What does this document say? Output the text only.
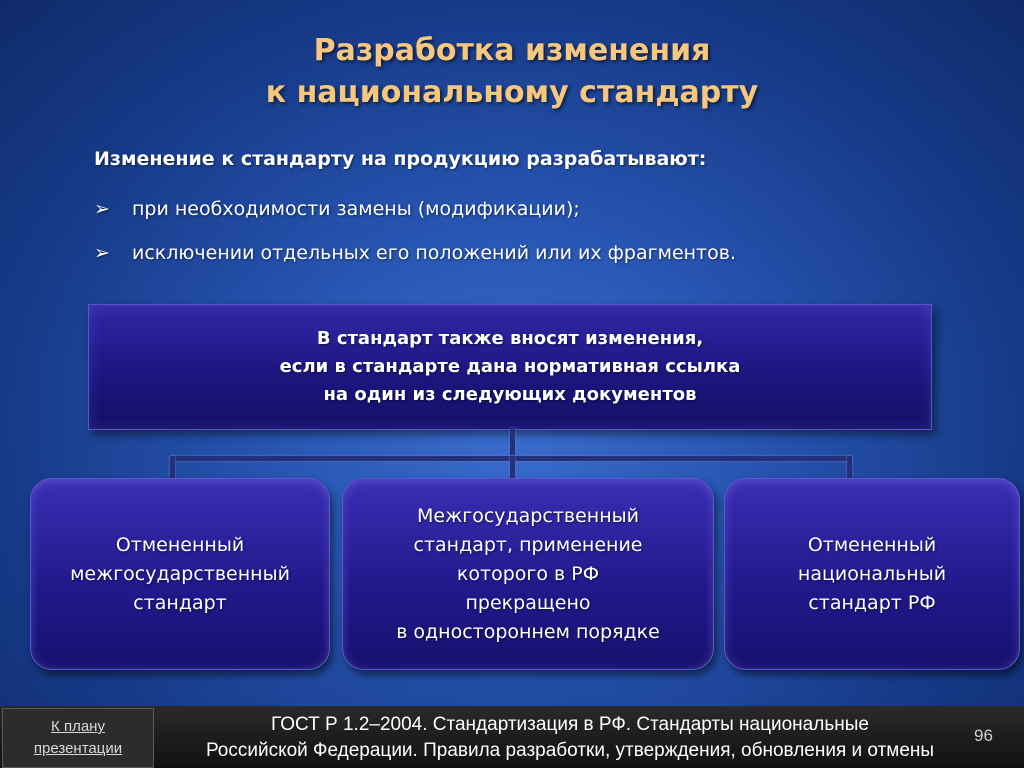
Разработка изменения
к национальному стандарту
Изменение к стандарту на продукцию разрабатывают:
➢ при необходимости замены (модификации);
➢ исключении отдельных его положений или их фрагментов.
В стандарт также вносят изменения,
если в стандарте дана нормативная ссылка
на один из следующих документов
Отмененный
межгосударственный
стандарт
Межгосударственный
стандарт, применение
которого в РФ
прекращено
в одностороннем порядке
Отмененный
национальный
стандарт РФ
К плану
презентации
ГОСТ Р 1.2–2004. Стандартизация в РФ. Стандарты национальные
Российской Федерации. Правила разработки, утверждения, обновления и отмены
96
